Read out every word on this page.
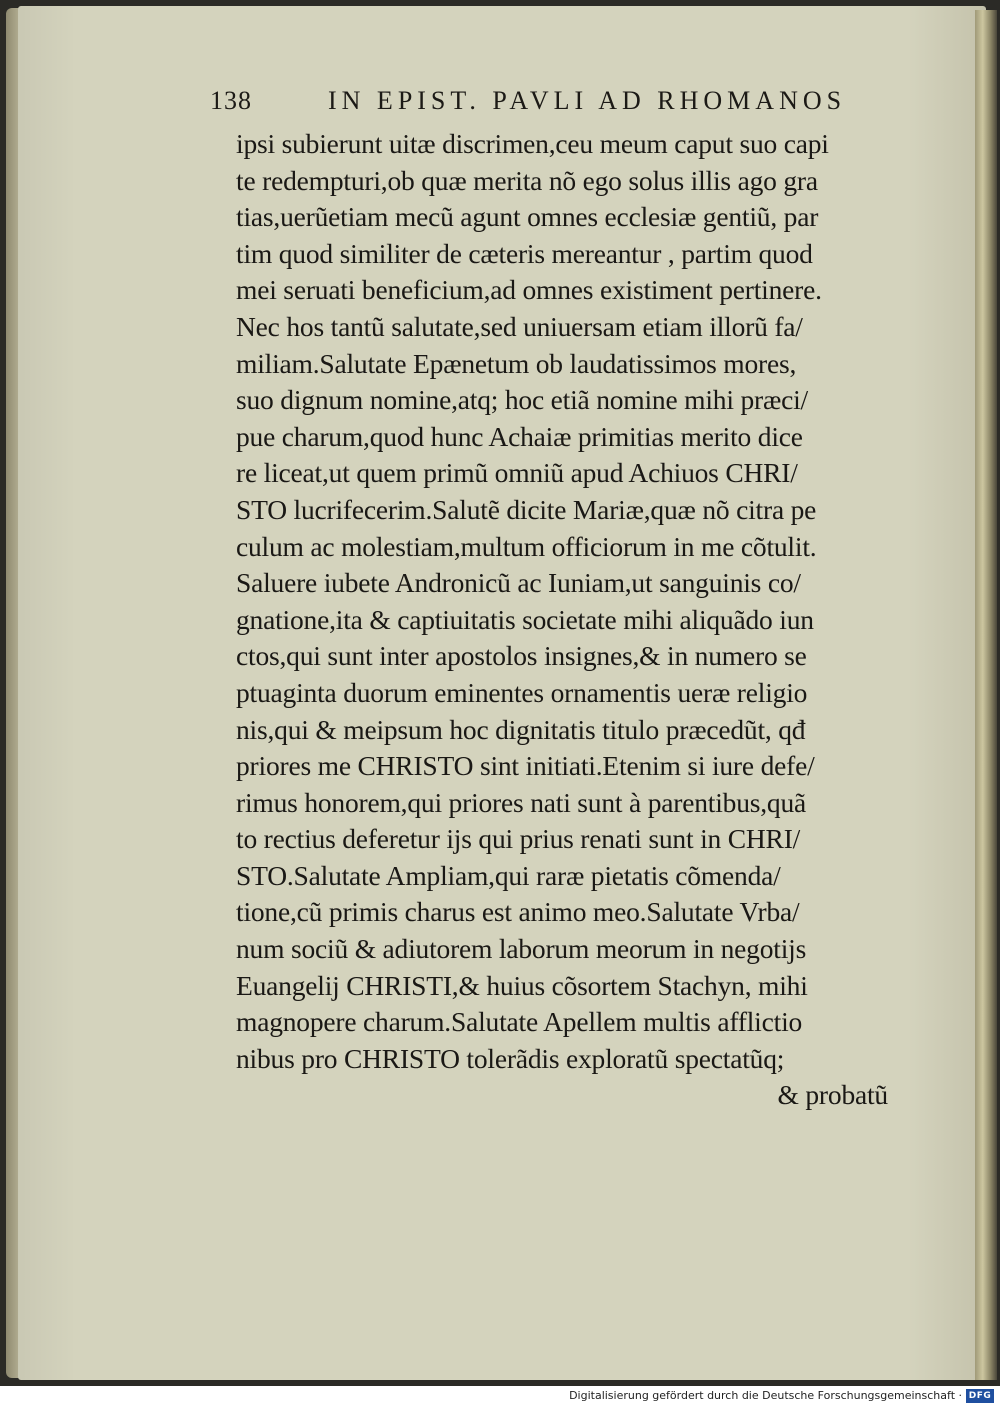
138	IN EPIST. PAVLI AD RHOMANOS
ipsi subierunt uitæ discrimen,ceu meum caput suo capi
te redempturi,ob quæ merita nõ ego solus illis ago gra
tias,uerũetiam mecũ agunt omnes ecclesiæ gentiũ, par
tim quod similiter de cæteris mereantur , partim quod
mei seruati beneficium,ad omnes existiment pertinere.
Nec hos tantũ salutate,sed uniuersam etiam illorũ fa/
miliam.Salutate Epænetum ob laudatissimos mores,
suo dignum nomine,atq; hoc etiã nomine mihi præci/
pue charum,quod hunc Achaiæ primitias merito dice
re liceat,ut quem primũ omniũ apud Achiuos CHRI/
STO lucrifecerim.Salutẽ dicite Mariæ,quæ nõ citra pe
culum ac molestiam,multum officiorum in me cõtulit.
Saluere iubete Andronicũ ac Iuniam,ut sanguinis co/
gnatione,ita & captiuitatis societate mihi aliquãdo iun
ctos,qui sunt inter apostolos insignes,& in numero se
ptuaginta duorum eminentes ornamentis ueræ religio
nis,qui & meipsum hoc dignitatis titulo præcedũt, qđ
priores me CHRISTO sint initiati.Etenim si iure defe/
rimus honorem,qui priores nati sunt à parentibus,quã
to rectius deferetur ijs qui prius renati sunt in CHRI/
STO.Salutate Ampliam,qui raræ pietatis cõmenda/
tione,cũ primis charus est animo meo.Salutate Vrba/
num sociũ & adiutorem laborum meorum in negotijs
Euangelij CHRISTI,& huius cõsortem Stachyn, mihi
magnopere charum.Salutate Apellem multis afflictio
nibus pro CHRISTO tolerãdis exploratũ spectatũq;
& probatũ
Digitalisierung gefördert durch die Deutsche Forschungsgemeinschaft · DFG
